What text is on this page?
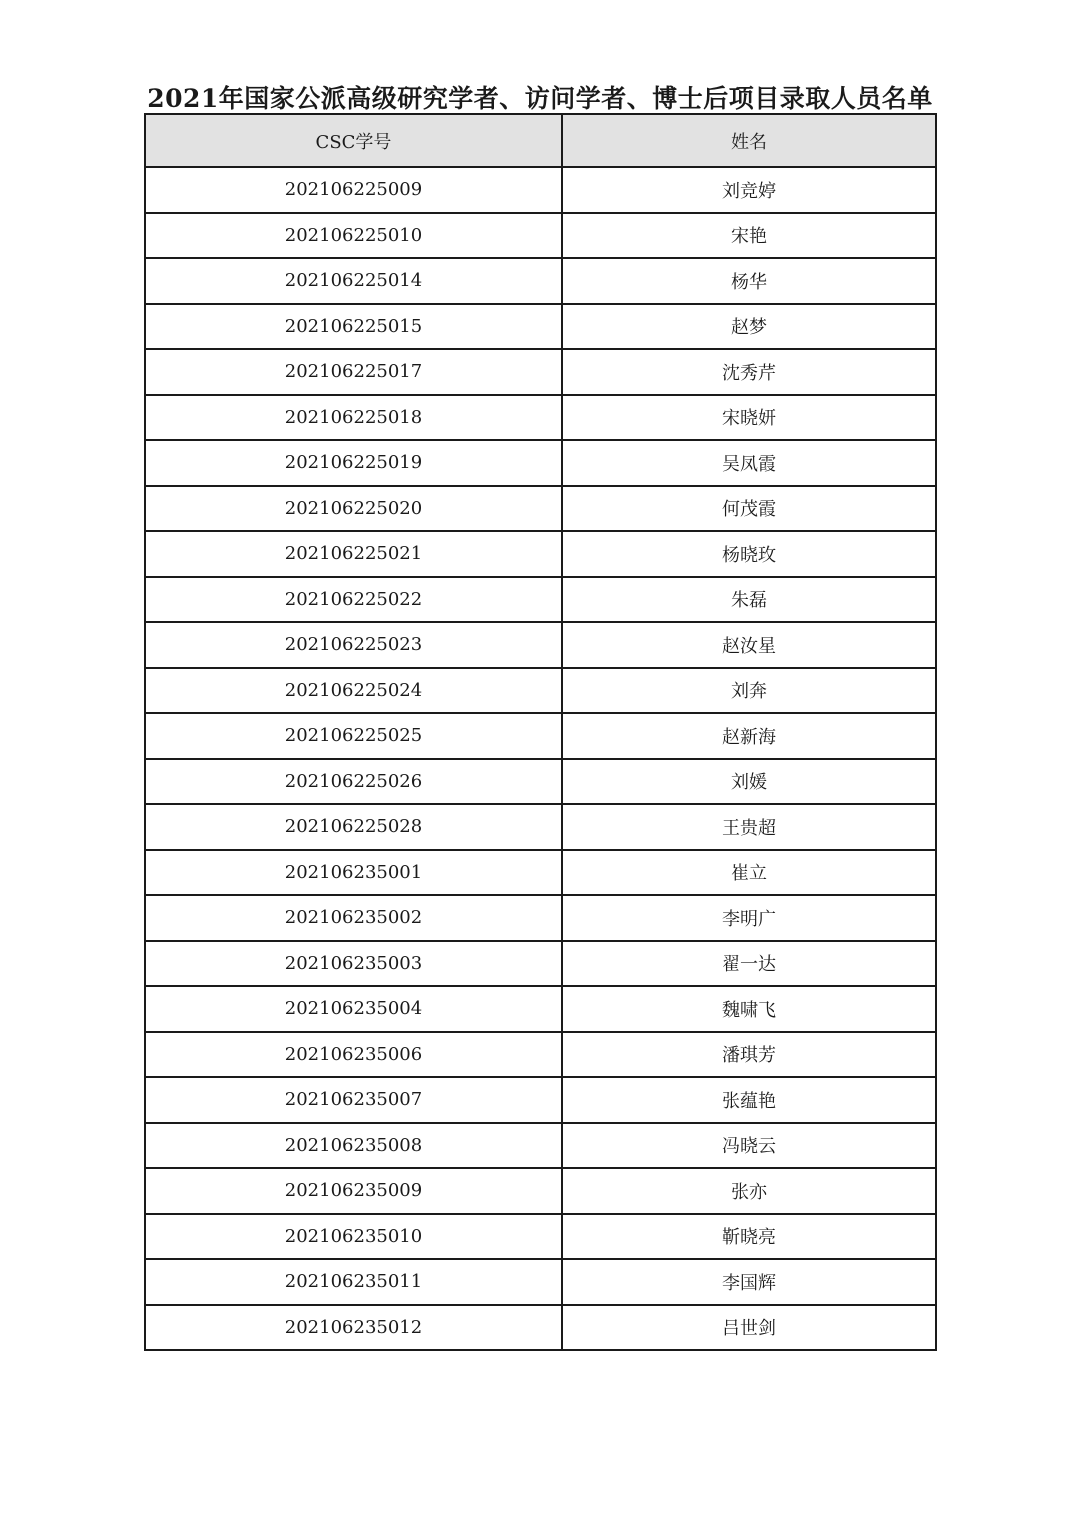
2021年国家公派高级研究学者、访问学者、博士后项目录取人员名单
CSC学号	姓名
202106225009	刘竞婷
202106225010	宋艳
202106225014	杨华
202106225015	赵梦
202106225017	沈秀芹
202106225018	宋晓妍
202106225019	吴凤霞
202106225020	何茂霞
202106225021	杨晓玫
202106225022	朱磊
202106225023	赵汝星
202106225024	刘奔
202106225025	赵新海
202106225026	刘媛
202106225028	王贵超
202106235001	崔立
202106235002	李明广
202106235003	翟一达
202106235004	魏啸飞
202106235006	潘琪芳
202106235007	张蕴艳
202106235008	冯晓云
202106235009	张亦
202106235010	靳晓亮
202106235011	李国辉
202106235012	吕世剑
